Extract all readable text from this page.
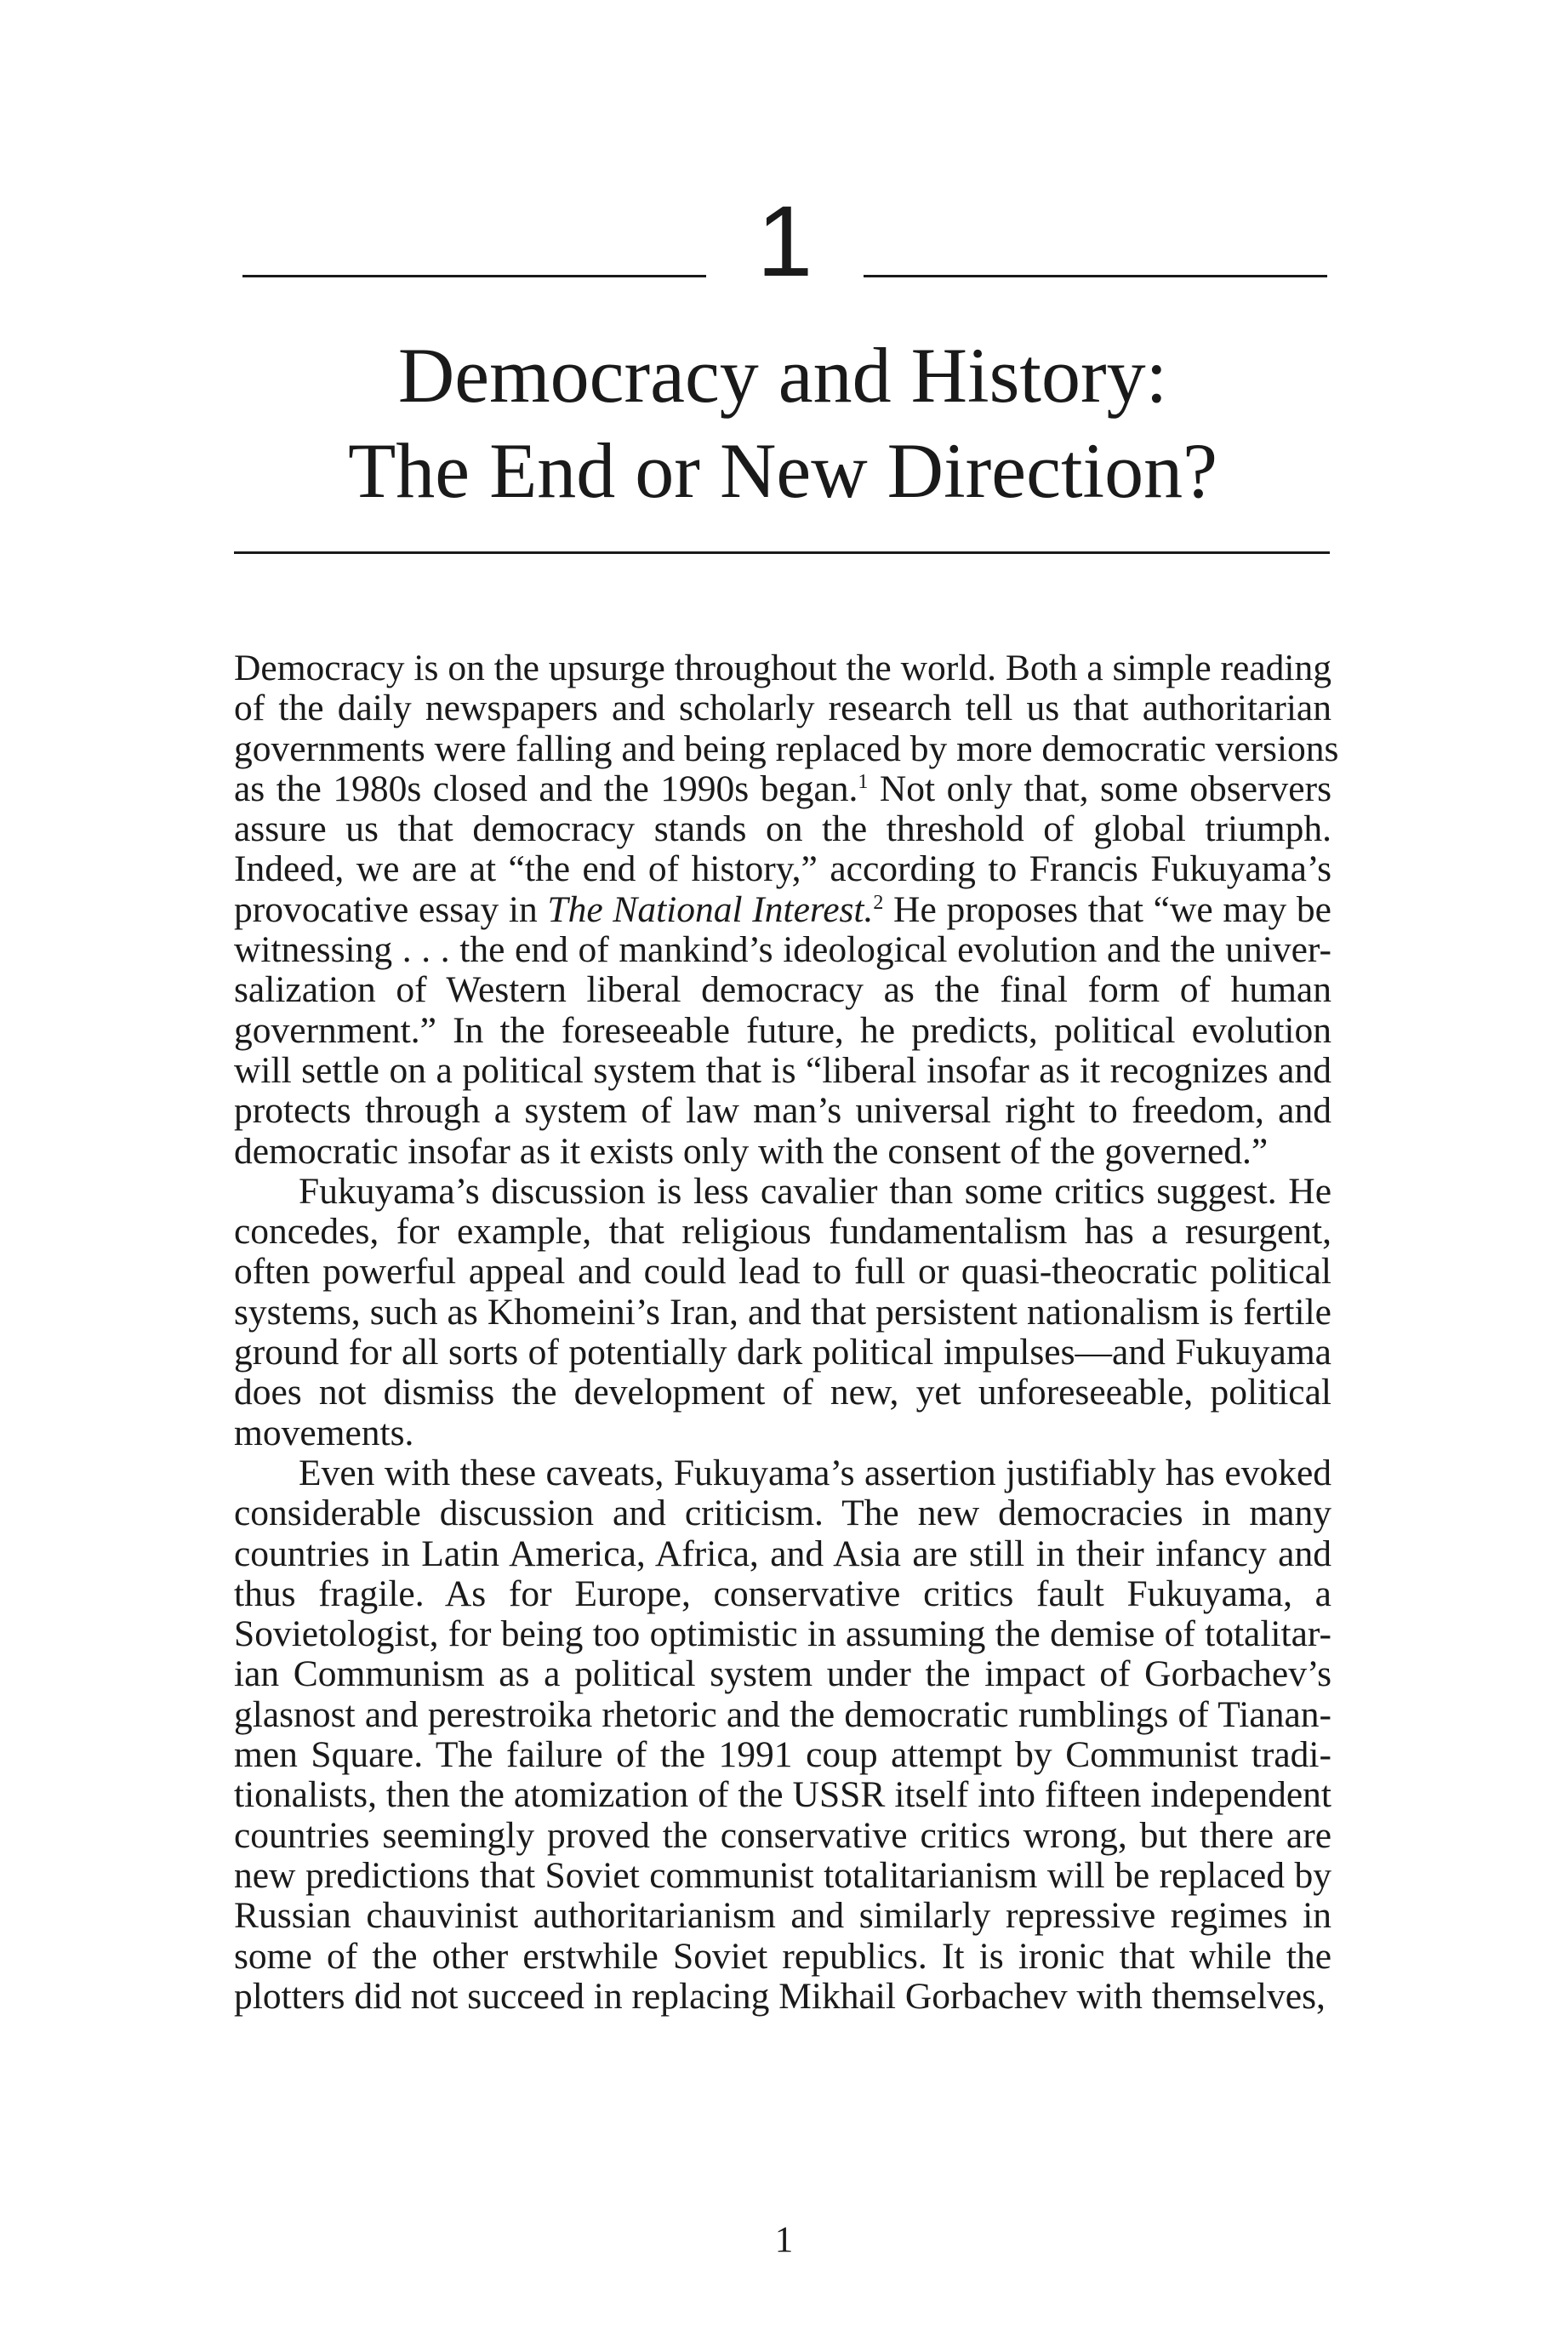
1
Democracy and History:
The End or New Direction?

Democracy is on the upsurge throughout the world. Both a simple reading
of the daily newspapers and scholarly research tell us that authoritarian
governments were falling and being replaced by more democratic versions
as the 1980s closed and the 1990s began.$^1$ Not only that, some observers
assure us that democracy stands on the threshold of global triumph.
Indeed, we are at “the end of history,” according to Francis Fukuyama’s
provocative essay in The National Interest.$^2$ He proposes that “we may be
witnessing . . . the end of mankind’s ideological evolution and the univer-
salization of Western liberal democracy as the final form of human
government.” In the foreseeable future, he predicts, political evolution
will settle on a political system that is “liberal insofar as it recognizes and
protects through a system of law man’s universal right to freedom, and
democratic insofar as it exists only with the consent of the governed.”

Fukuyama’s discussion is less cavalier than some critics suggest. He
concedes, for example, that religious fundamentalism has a resurgent,
often powerful appeal and could lead to full or quasi-theocratic political
systems, such as Khomeini’s Iran, and that persistent nationalism is fertile
ground for all sorts of potentially dark political impulses—and Fukuyama
does not dismiss the development of new, yet unforeseeable, political
movements.

Even with these caveats, Fukuyama’s assertion justifiably has evoked
considerable discussion and criticism. The new democracies in many
countries in Latin America, Africa, and Asia are still in their infancy and
thus fragile. As for Europe, conservative critics fault Fukuyama, a
Sovietologist, for being too optimistic in assuming the demise of totalitar-
ian Communism as a political system under the impact of Gorbachev’s
glasnost and perestroika rhetoric and the democratic rumblings of Tianan-
men Square. The failure of the 1991 coup attempt by Communist tradi-
tionalists, then the atomization of the USSR itself into fifteen independent
countries seemingly proved the conservative critics wrong, but there are
new predictions that Soviet communist totalitarianism will be replaced by
Russian chauvinist authoritarianism and similarly repressive regimes in
some of the other erstwhile Soviet republics. It is ironic that while the
plotters did not succeed in replacing Mikhail Gorbachev with themselves,

1
